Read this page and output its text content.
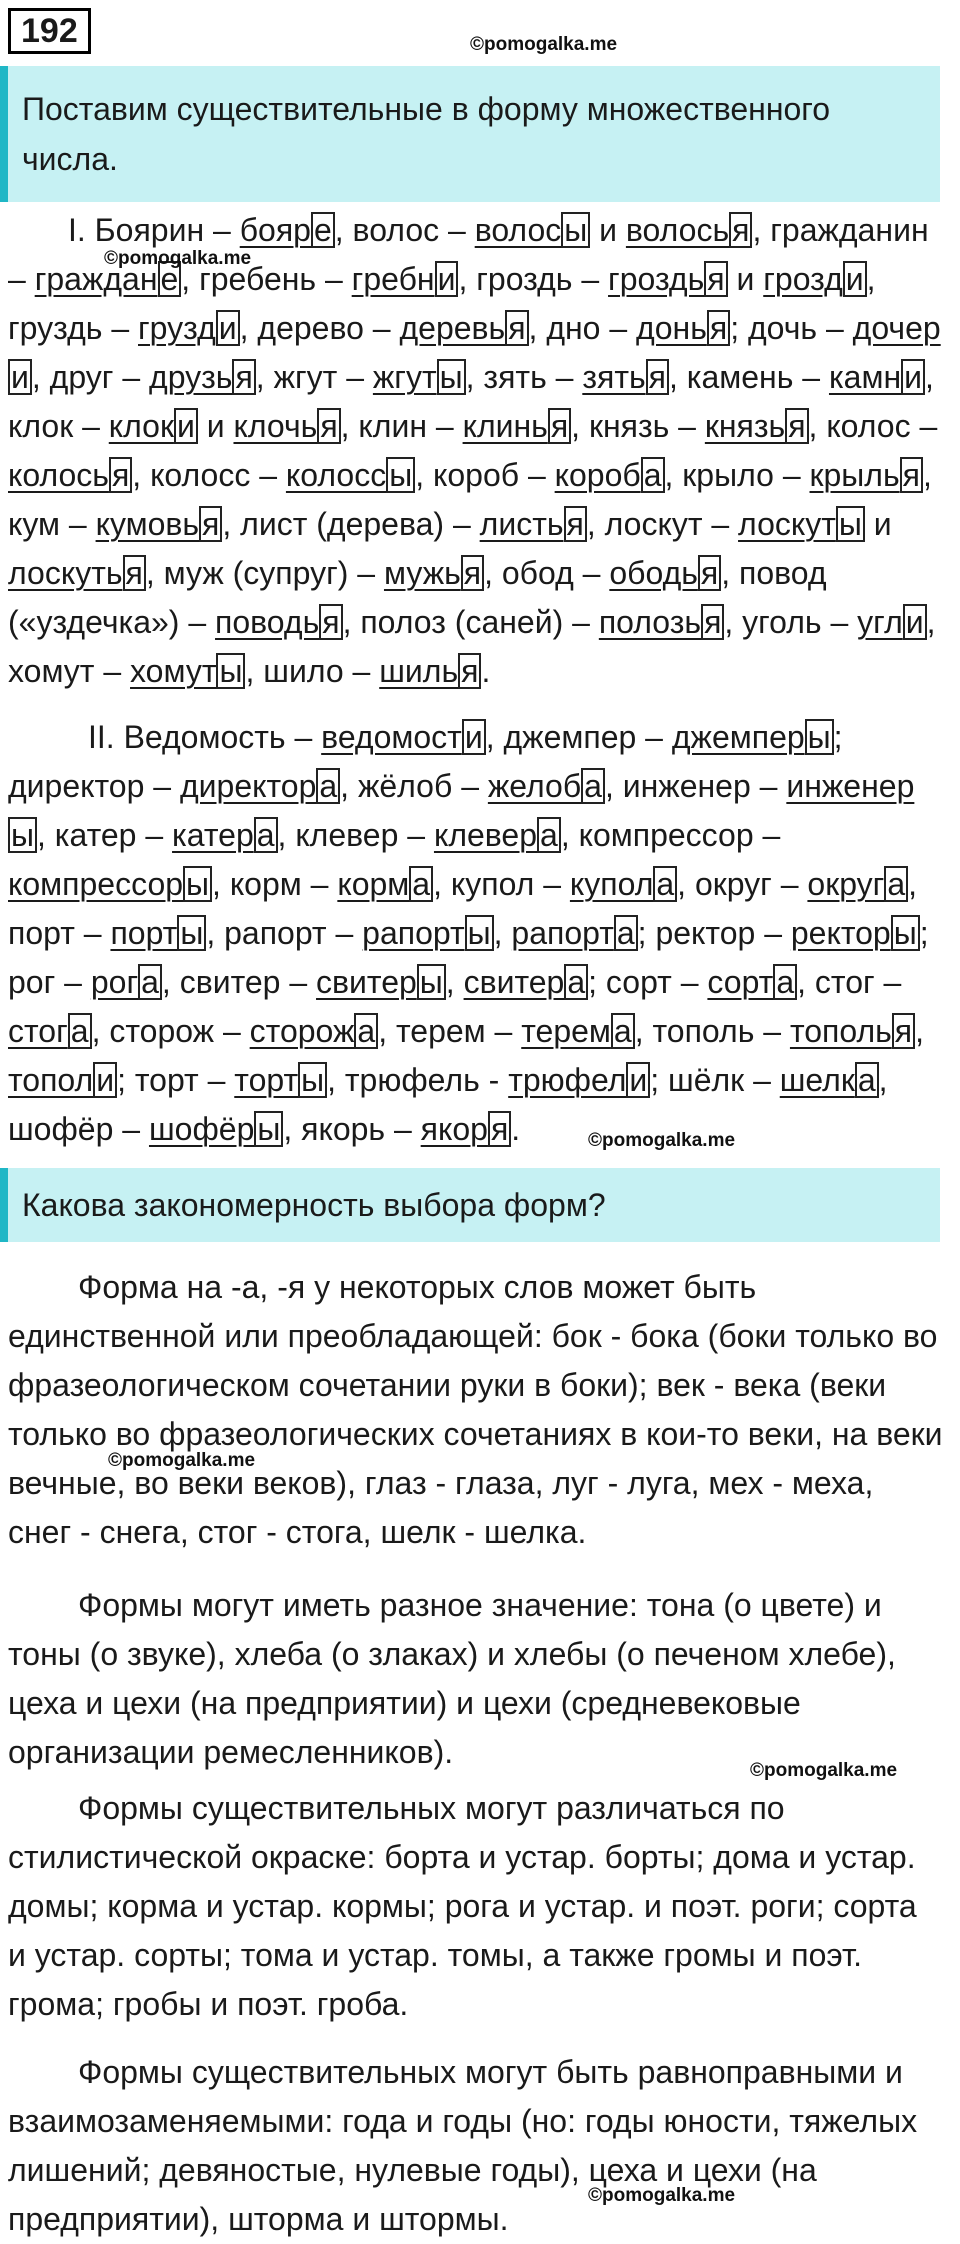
192	©pomogalka.me
Поставим существительные в форму множественного числа.

I. Боярин – бояре, волос – волосы и волосья, гражданин – граждане, гребень – гребни, гроздь – гроздья и грозди, груздь – грузди, дерево – деревья, дно – донья; дочь – дочери, друг – друзья, жгут – жгуты, зять – зятья, камень – камни, клок – клоки и клочья, клин – клинья, князь – князья, колос – колосья, колосс – колоссы, короб – короба, крыло – крылья, кум – кумовья, лист (дерева) – листья, лоскут – лоскуты и лоскутья, муж (супруг) – мужья, обод – ободья, повод («уздечка») – поводья, полоз (саней) – полозья, уголь – угли, хомут – хомуты, шило – шилья.

©pomogalka.me

II. Ведомость – ведомости, джемпер – джемперы; директор – директора, жёлоб – желоба, инженер – инженеры, катер – катера, клевер – клевера, компрессор – компрессоры, корм – корма, купол – купола, округ – округа, порт – порты, рапорт – рапорты, рапорта; ректор – ректоры; рог – рога, свитер – свитеры, свитера; сорт – сорта, стог – стога, сторож – сторожа, терем – терема, тополь – тополья, тополи; торт – торты, трюфель - трюфели; шёлк – шелка, шофёр – шофёры, якорь – якоря.	©pomogalka.me
Какова закономерность выбора форм?

Форма на -а, -я у некоторых слов может быть единственной или преобладающей: бок - бока (боки только во фразеологическом сочетании руки в боки); век - века (веки только во фразеологических сочетаниях в кои-то веки, на веки вечные, во веки веков), глаз - глаза, луг - луга, мех - меха, снег - снега, стог - стога, шелк - шелка.

©pomogalka.me

Формы могут иметь разное значение: тона (о цвете) и тоны (о звуке), хлеба (о злаках) и хлебы (о печеном хлебе), цеха и цехи (на предприятии) и цехи (средневековые организации ремесленников).

©pomogalka.me

Формы существительных могут различаться по стилистической окраске: борта и устар. борты; дома и устар. домы; корма и устар. кормы; рога и устар. и поэт. роги; сорта и устар. сорты; тома и устар. томы, а также громы и поэт. грома; гробы и поэт. гроба.

Формы существительных могут быть равноправными и взаимозаменяемыми: года и годы (но: годы юности, тяжелых лишений; девяностые, нулевые годы), цеха и цехи (на предприятии), шторма и штормы.

©pomogalka.me
